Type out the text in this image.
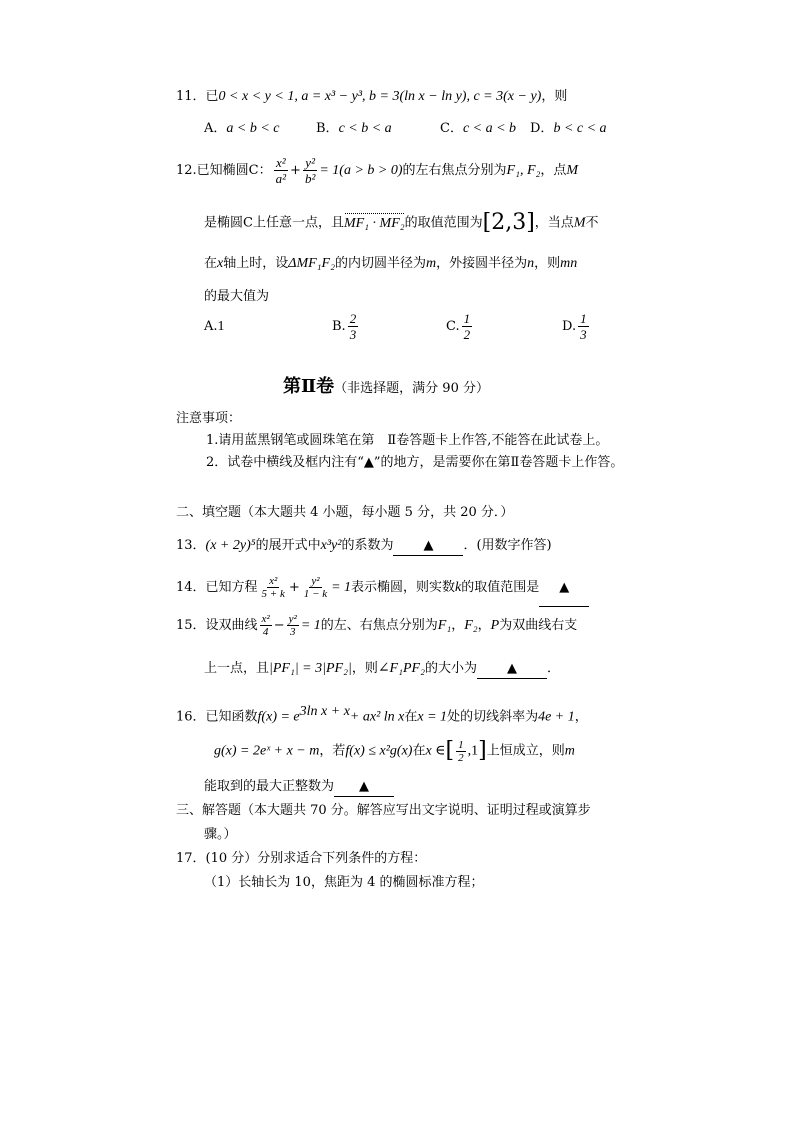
11．已0 < x < y < 1, a = x³ − y³, b = 3(ln x − ln y), c = 3(x − y)，则
A．a < b < c	B．c < b < a	C．c < a < b D．b < c < a
12.已知椭圆C： $\frac{\text{x²}}{\text{a²}} + \frac{\text{y²}}{\text{b²}} = 1(a > b > 0)$的左右焦点分别为F₁, F₂，点M
是椭圆C上任意一点，且MF₁ · MF₂的取值范围为[2,3]，当点M不
在x轴上时，设ΔMF₁F₂的内切圆半径为m，外接圆半径为n，则mn
的最大值为
A.1	B. $\frac{2}{3}$	C. $\frac{1}{2}$	D. $\frac{1}{3}$
第Ⅱ卷（非选择题，满分 90 分）
注意事项：
1.请用蓝黑钢笔或圆珠笔在第　Ⅱ卷答题卡上作答,不能答在此试卷上。
2．试卷中横线及框内注有“▲”的地方，是需要你在第Ⅱ卷答题卡上作答。
二、填空题（本大题共 4 小题，每小题 5 分，共 20 分．）
13．(x + 2y)⁵的展开式中x³y²的系数为 ▲ ．(用数字作答)
14．已知方程 $\frac{\text{x²}}{5 + k} + \frac{\text{y²}}{1 - k} = 1$表示椭圆，则实数k的取值范围是 ▲
15．设双曲线 $\frac{\text{x²}}{4} - \frac{\text{y²}}{3} = 1$的左、右焦点分别为F₁，F₂，P为双曲线右支
上一点，且|PF₁| = 3|PF₂|，则∠F₁PF₂的大小为 ▲ ．
16．已知函数$f(x) = e^{3ln x + x}+ ax^2$ ln x在x = 1处的切线斜率为4e + 1，
g(x) = 2eˣ + x − m，若f(x) ≤ x²g(x)在x ∈[ $\frac{1}{2} ,1$]上恒成立，则m
能取到的最大正整数为 ▲
三、解答题（本大题共 70 分。解答应写出文字说明、证明过程或演算步
骤。）
17．(10 分）分别求适合下列条件的方程：
（1）长轴长为 10，焦距为 4 的椭圆标准方程；
